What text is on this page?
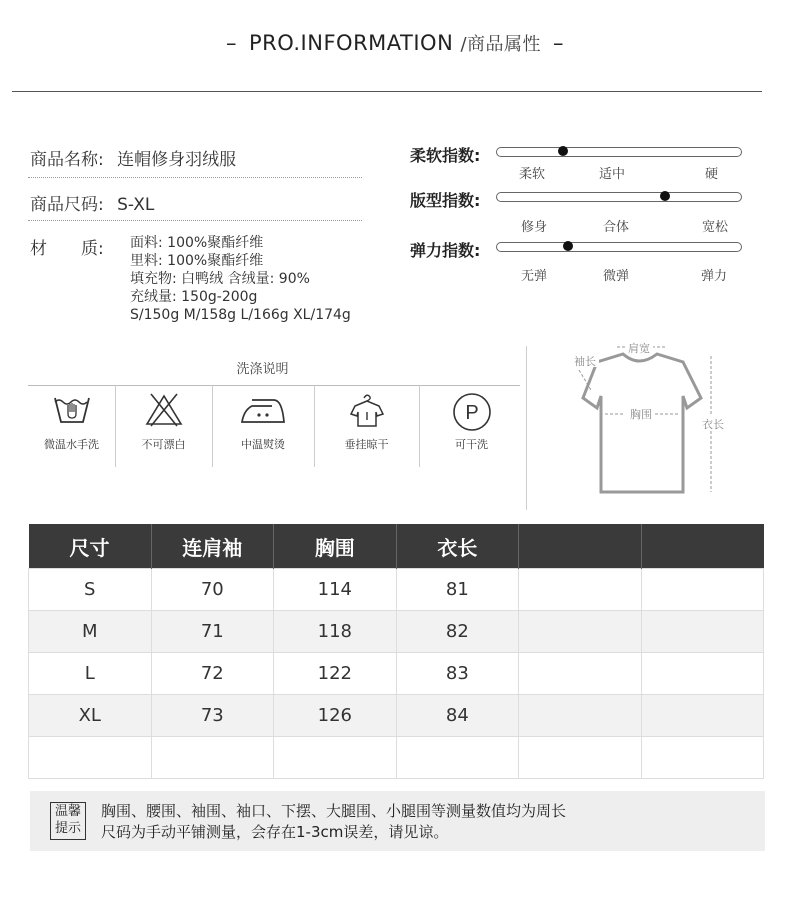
– PRO.INFORMATION /商品属性 –
商品名称: 连帽修身羽绒服
商品尺码: S-XL
材　　质: 面料: 100%聚酯纤维
里料: 100%聚酯纤维
填充物: 白鸭绒 含绒量: 90%
充绒量: 150g-200g
S/150g M/158g L/166g XL/174g
柔软指数:
柔软	适中	硬
版型指数:
修身	合体	宽松
弹力指数:
无弹	微弹	弹力
洗涤说明
微温水手洗	不可漂白	中温熨烫	垂挂晾干
P
可干洗
肩宽
袖长
胸围
衣长
尺寸	连肩袖	胸围	衣长		
S	70	114	81		
M	71	118	82		
L	72	122	83		
XL	73	126	84		

温馨
提示
胸围、腰围、袖围、袖口、下摆、大腿围、小腿围等测量数值均为周长
尺码为手动平铺测量，会存在1-3cm误差，请见谅。
